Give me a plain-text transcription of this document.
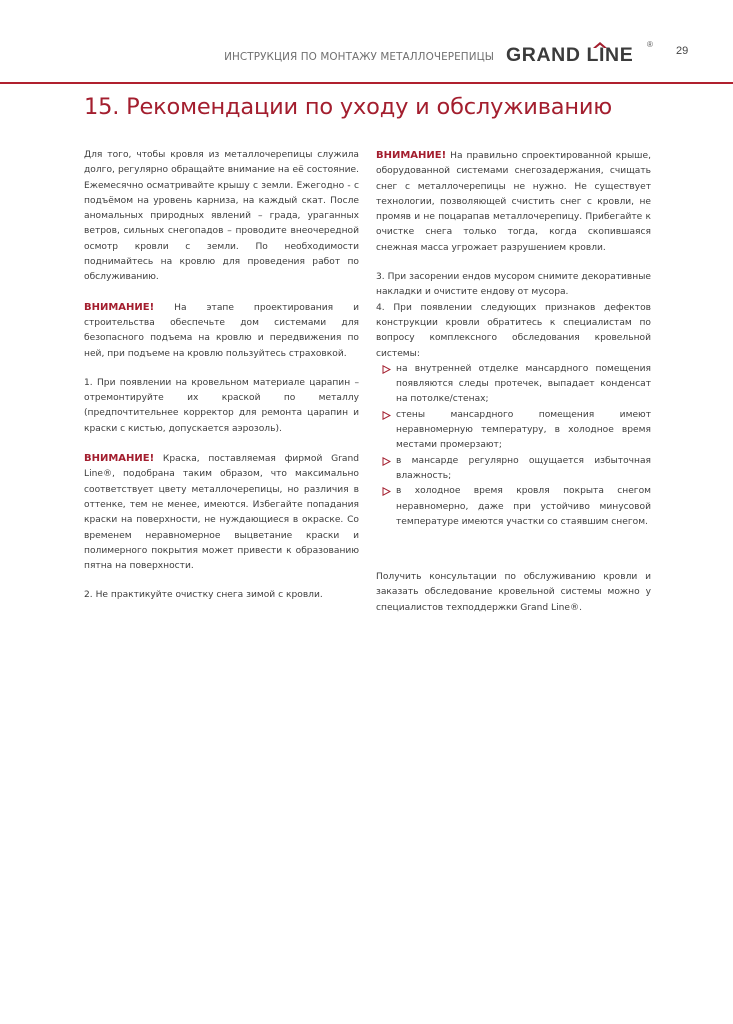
ИНСТРУКЦИЯ ПО МОНТАЖУ МЕТАЛЛОЧЕРЕПИЦЫ GRAND LINE ®
29
15. Рекомендации по уходу и обслуживанию

Для того, чтобы кровля из металлочерепицы служила долго, регулярно обращайте внимание на её состояние. Ежемесячно осматривайте крышу с земли. Ежегодно - с подъёмом на уровень карниза, на каждый скат. После аномальных природных явлений – града, ураганных ветров, сильных снегопадов – проводите внеочередной осмотр кровли с земли. По необходимости поднимайтесь на кровлю для проведения работ по обслуживанию.

ВНИМАНИЕ! На этапе проектирования и строительства обеспечьте дом системами для безопасного подъема на кровлю и передвижения по ней, при подъеме на кровлю пользуйтесь страховкой.

1. При появлении на кровельном материале царапин – отремонтируйте их краской по металлу (предпочтительнее корректор для ремонта царапин и краски с кистью, допускается аэрозоль).

ВНИМАНИЕ! Краска, поставляемая фирмой Grand Line®, подобрана таким образом, что максимально соответствует цвету металлочерепицы, но различия в оттенке, тем не менее, имеются. Избегайте попадания краски на поверхности, не нуждающиеся в окраске. Со временем неравномерное выцветание краски и полимерного покрытия может привести к образованию пятна на поверхности.

2. Не практикуйте очистку снега зимой с кровли.

ВНИМАНИЕ! На правильно спроектированной крыше, оборудованной системами снегозадержания, счищать снег с металлочерепицы не нужно. Не существует технологии, позволяющей счистить снег с кровли, не промяв и не поцарапав металлочерепицу. Прибегайте к очистке снега только тогда, когда скопившаяся снежная масса угрожает разрушением кровли.

3. При засорении ендов мусором снимите декоративные накладки и очистите ендову от мусора.

4. При появлении следующих признаков дефектов конструкции кровли обратитесь к специалистам по вопросу комплексного обследования кровельной системы:

на внутренней отделке мансардного помещения появляются следы протечек, выпадает конденсат на потолке/стенах;
стены мансардного помещения имеют неравномерную температуру, в холодное время местами промерзают;
в мансарде регулярно ощущается избыточная влажность;
в холодное время кровля покрыта снегом неравномерно, даже при устойчиво минусовой температуре имеются участки со стаявшим снегом.

Получить консультации по обслуживанию кровли и заказать обследование кровельной системы можно у специалистов техподдержки Grand Line®.
